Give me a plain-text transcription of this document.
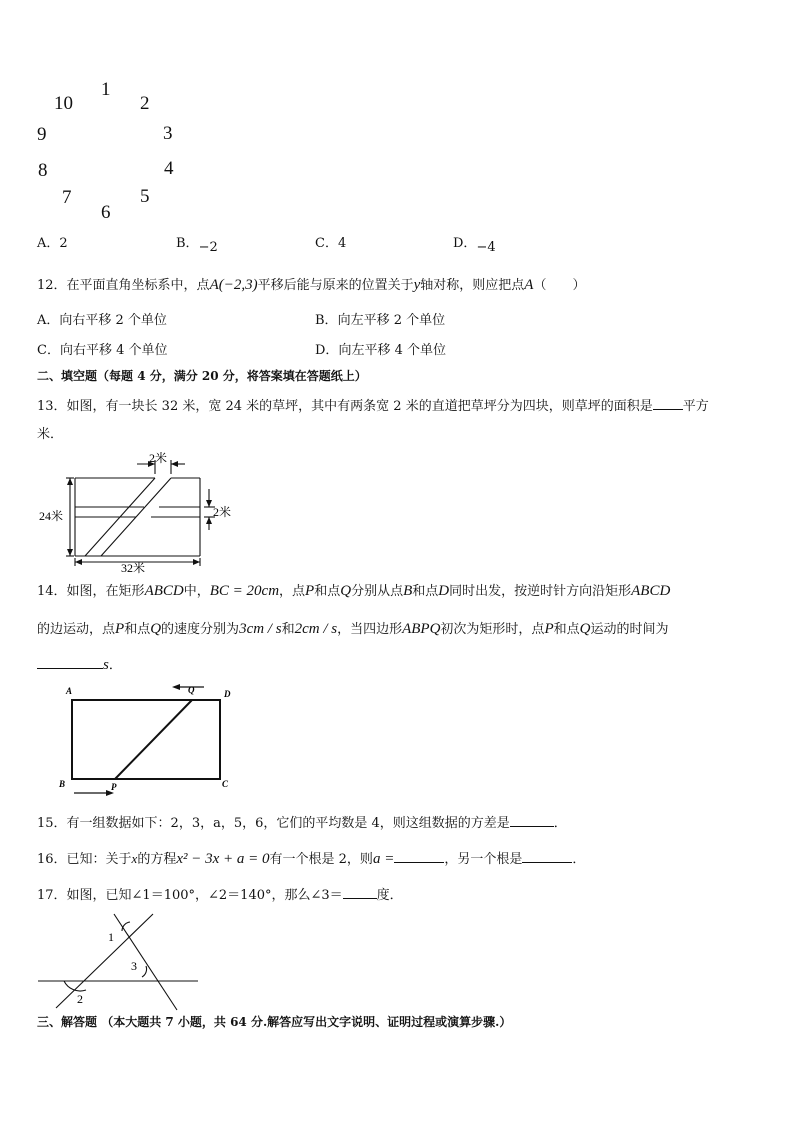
1
2
3
4
5
6
7
8
9
10
A．2	B．−2	C．4	D．−4
12．在平面直角坐标系中，点A(−2,3)平移后能与原来的位置关于y轴对称，则应把点A（　　）
A．向右平移 2 个单位	B．向左平移 2 个单位
C．向右平移 4 个单位	D．向左平移 4 个单位
二、填空题（每题 4 分，满分 20 分，将答案填在答题纸上）
13．如图，有一块长 32 米，宽 24 米的草坪，其中有两条宽 2 米的直道把草坪分为四块，则草坪的面积是 平方
米．
2米
2米
24米
32米
14．如图，在矩形ABCD中，BC = 20cm，点P和点Q分别从点B和点D同时出发，按逆时针方向沿矩形ABCD
的边运动，点P和点Q的速度分别为3cm / s和2cm / s，当四边形ABPQ初次为矩形时，点P和点Q运动的时间为
s．
A	D
Q
B	P	C
15．有一组数据如下：2，3，a，5，6，它们的平均数是 4，则这组数据的方差是	．
16．已知：关于x的方程x² − 3x + a = 0有一个根是 2，则a =	，另一个根是	．
17．如图，已知∠1＝100°，∠2＝140°，那么∠3＝	度．
1
3
2
三、解答题 （本大题共 7 小题，共 64 分.解答应写出文字说明、证明过程或演算步骤.）
